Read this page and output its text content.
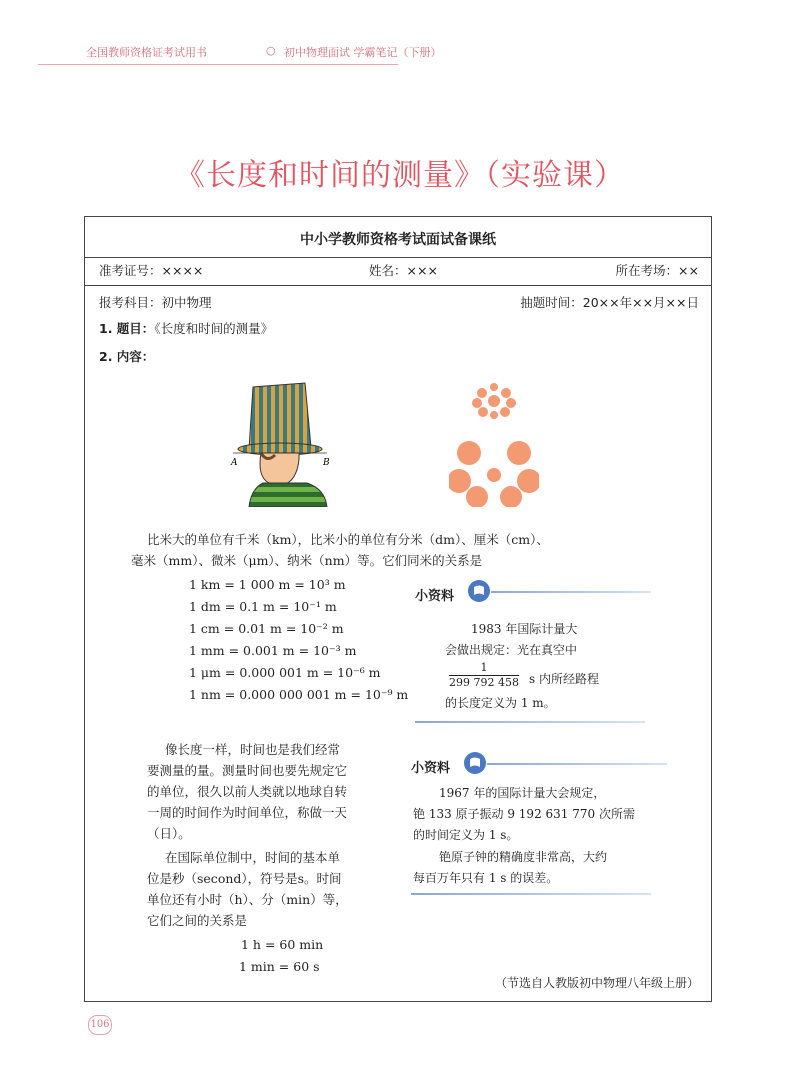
全国教师资格证考试用书	○ 初中物理面试 学霸笔记（下册）
《长度和时间的测量》（实验课）
中小学教师资格考试面试备课纸
准考证号：××××	姓名：×××	所在考场：××
报考科目：初中物理	抽题时间：20××年××月××日
1. 题目：《长度和时间的测量》
2. 内容：
A	B
比米大的单位有千米（km），比米小的单位有分米（dm）、厘米（cm）、
毫米（mm）、微米（μm）、纳米（nm）等。它们同米的关系是
1 km = 1 000 m = 10³ m
1 dm = 0.1 m = 10⁻¹ m
1 cm = 0.01 m = 10⁻² m
1 mm = 0.001 m = 10⁻³ m
1 μm = 0.000 001 m = 10⁻⁶ m
1 nm = 0.000 000 001 m = 10⁻⁹ m
小资料
1983 年国际计量大
会做出规定：光在真空中
$\frac{1}{299 792 458}$ s 内所经路程
的长度定义为 1 m。
像长度一样，时间也是我们经常
要测量的量。测量时间也要先规定它
的单位，很久以前人类就以地球自转
一周的时间作为时间单位，称做一天
（日）。
在国际单位制中，时间的基本单
位是秒（second），符号是s。时间
单位还有小时（h）、分（min）等，
它们之间的关系是
1 h = 60 min
1 min = 60 s
小资料
1967 年的国际计量大会规定，
铯 133 原子振动 9 192 631 770 次所需
的时间定义为 1 s。
铯原子钟的精确度非常高，大约
每百万年只有 1 s 的误差。
（节选自人教版初中物理八年级上册）
106
